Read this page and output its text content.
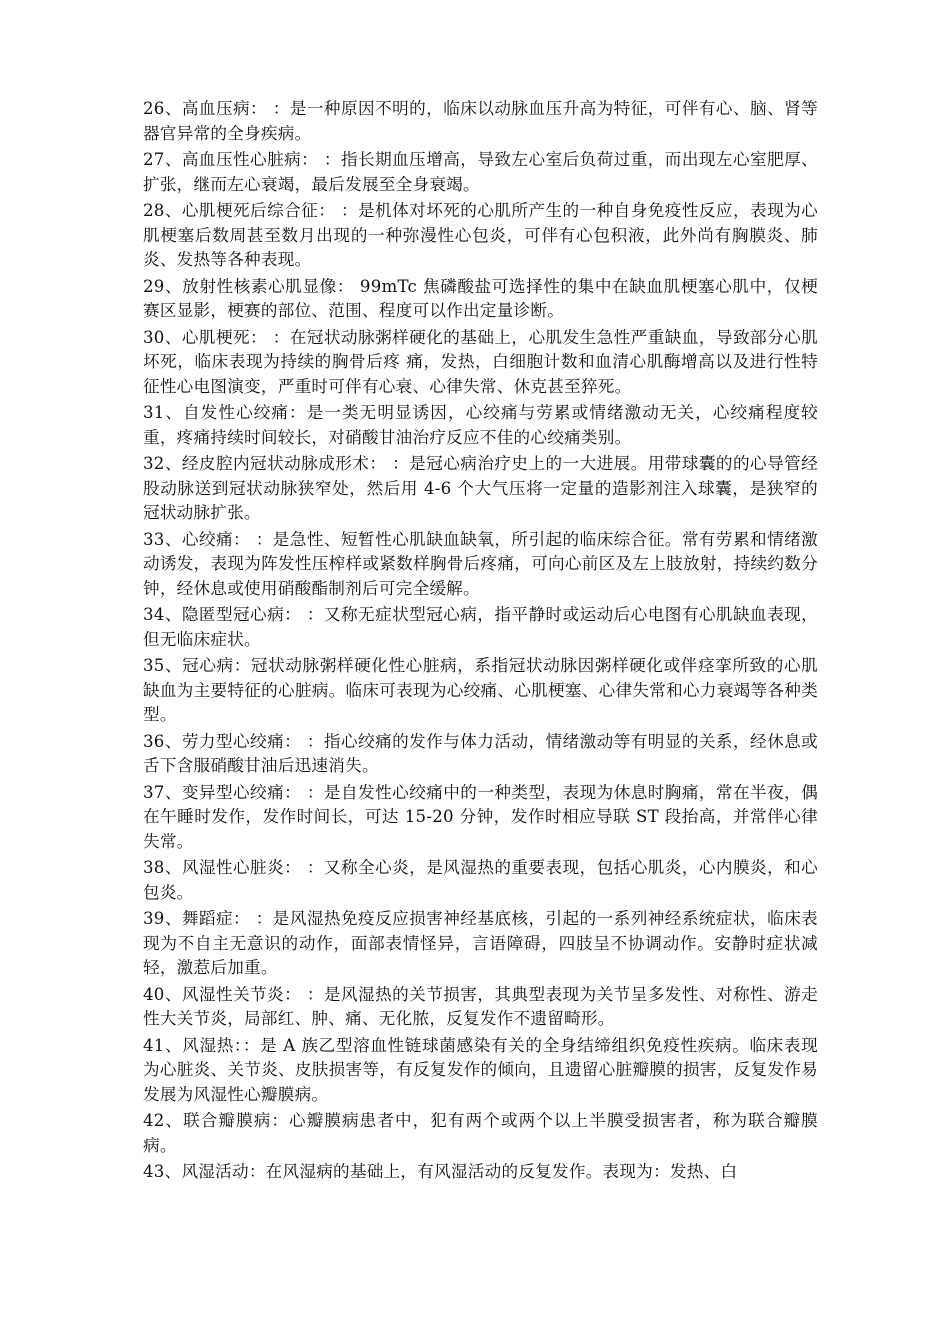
26、高血压病： ：是一种原因不明的，临床以动脉血压升高为特征，可伴有心、脑、肾等器官异常的全身疾病。

27、高血压性心脏病： ：指长期血压增高，导致左心室后负荷过重，而出现左心室肥厚、扩张，继而左心衰竭，最后发展至全身衰竭。

28、心肌梗死后综合征： ：是机体对坏死的心肌所产生的一种自身免疫性反应，表现为心肌梗塞后数周甚至数月出现的一种弥漫性心包炎，可伴有心包积液，此外尚有胸膜炎、肺炎、发热等各种表现。

29、放射性核素心肌显像： 99mTc 焦磷酸盐可选择性的集中在缺血肌梗塞心肌中，仅梗赛区显影，梗赛的部位、范围、程度可以作出定量诊断。

30、心肌梗死： ：在冠状动脉粥样硬化的基础上，心肌发生急性严重缺血，导致部分心肌坏死，临床表现为持续的胸骨后疼 痛，发热，白细胞计数和血清心肌酶增高以及进行性特征性心电图演变，严重时可伴有心衰、心律失常、休克甚至猝死。

31、自发性心绞痛：是一类无明显诱因，心绞痛与劳累或情绪激动无关，心绞痛程度较重，疼痛持续时间较长，对硝酸甘油治疗反应不佳的心绞痛类别。

32、经皮腔内冠状动脉成形术： ：是冠心病治疗史上的一大进展。用带球囊的的心导管经股动脉送到冠状动脉狭窄处，然后用 4-6 个大气压将一定量的造影剂注入球囊，是狭窄的冠状动脉扩张。

33、心绞痛： ：是急性、短暂性心肌缺血缺氧，所引起的临床综合征。常有劳累和情绪激动诱发，表现为阵发性压榨样或紧数样胸骨后疼痛，可向心前区及左上肢放射，持续约数分钟，经休息或使用硝酸酯制剂后可完全缓解。

34、隐匿型冠心病： ：又称无症状型冠心病，指平静时或运动后心电图有心肌缺血表现，但无临床症状。

35、冠心病：冠状动脉粥样硬化性心脏病，系指冠状动脉因粥样硬化或伴痉挛所致的心肌缺血为主要特征的心脏病。临床可表现为心绞痛、心肌梗塞、心律失常和心力衰竭等各种类型。

36、劳力型心绞痛： ：指心绞痛的发作与体力活动，情绪激动等有明显的关系，经休息或舌下含服硝酸甘油后迅速消失。

37、变异型心绞痛： ：是自发性心绞痛中的一种类型，表现为休息时胸痛，常在半夜，偶在午睡时发作，发作时间长，可达 15-20 分钟，发作时相应导联 ST 段抬高，并常伴心律失常。

38、风湿性心脏炎： ：又称全心炎，是风湿热的重要表现，包括心肌炎，心内膜炎，和心包炎。

39、舞蹈症： ：是风湿热免疫反应损害神经基底核，引起的一系列神经系统症状，临床表现为不自主无意识的动作，面部表情怪异，言语障碍，四肢呈不协调动作。安静时症状减轻，激惹后加重。

40、风湿性关节炎： ：是风湿热的关节损害，其典型表现为关节呈多发性、对称性、游走性大关节炎，局部红、肿、痛、无化脓，反复发作不遗留畸形。

41、风湿热：：是 A 族乙型溶血性链球菌感染有关的全身结缔组织免疫性疾病。临床表现为心脏炎、关节炎、皮肤损害等，有反复发作的倾向，且遗留心脏瓣膜的损害，反复发作易发展为风湿性心瓣膜病。

42、联合瓣膜病：心瓣膜病患者中，犯有两个或两个以上半膜受损害者，称为联合瓣膜病。

43、风湿活动：在风湿病的基础上，有风湿活动的反复发作。表现为：发热、白
